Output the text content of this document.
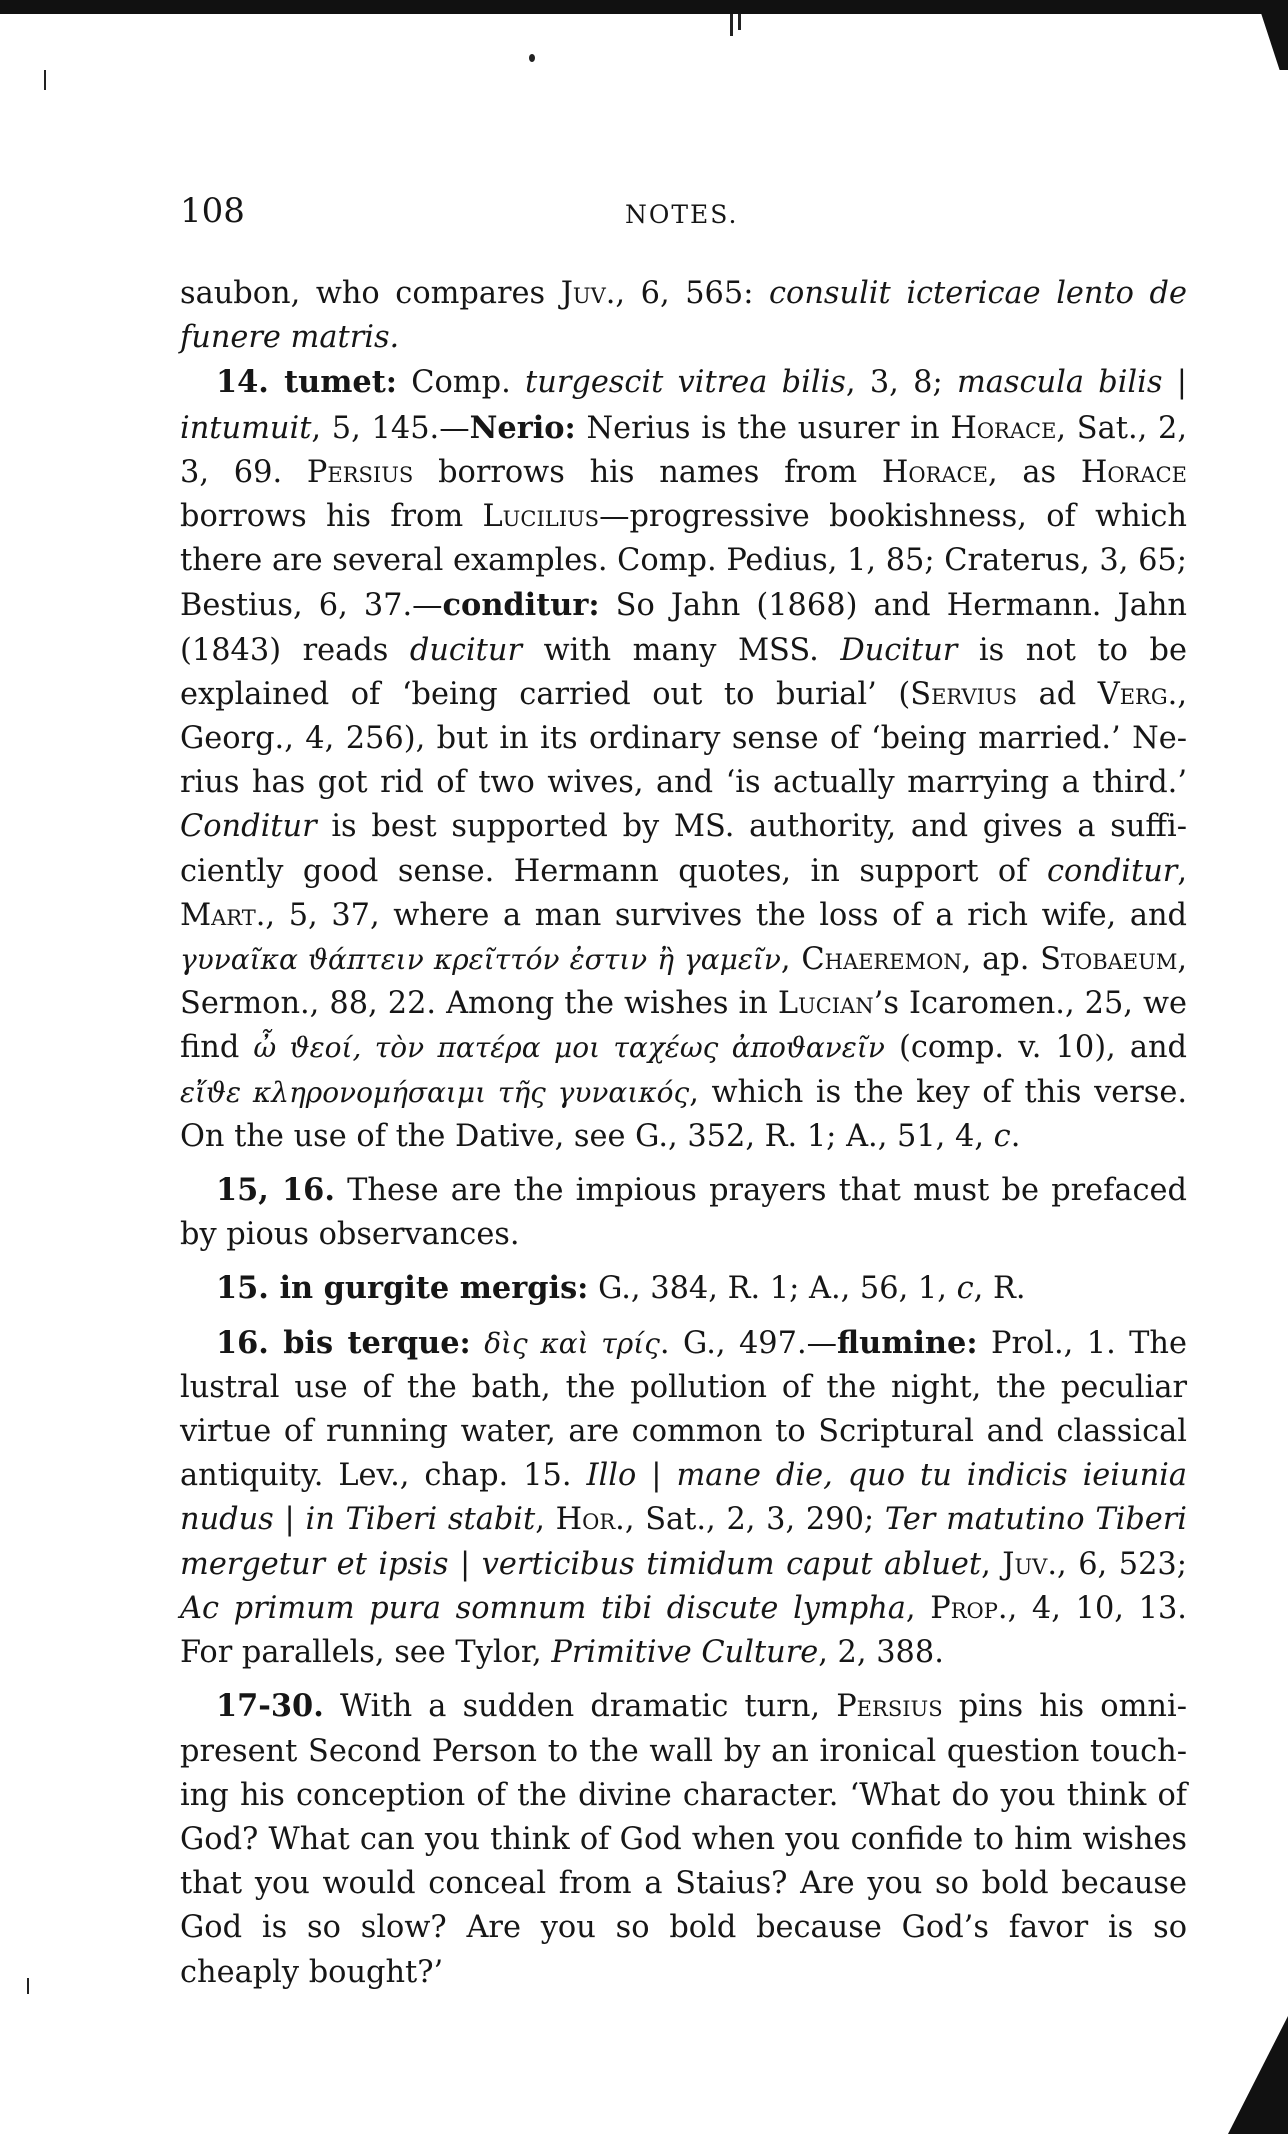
108	NOTES.

saubon, who compares Juv., 6, 565: consulit ictericae lento de funere matris.

14. tumet: Comp. turgescit vitrea bilis, 3, 8; mascula bilis | intumuit, 5, 145.—Nerio: Nerius is the usurer in Horace, Sat., 2, 3, 69. Persius borrows his names from Horace, as Horace borrows his from Lucilius—progressive bookishness, of which there are several examples. Comp. Pedius, 1, 85; Craterus, 3, 65; Bestius, 6, 37.—conditur: So Jahn (1868) and Hermann. Jahn (1843) reads ducitur with many MSS. Ducitur is not to be explained of ‘being carried out to burial’ (Servius ad Verg., Georg., 4, 256), but in its ordinary sense of ‘being married.’ Nerius has got rid of two wives, and ‘is actually marrying a third.’ Conditur is best supported by MS. authority, and gives a sufficiently good sense. Hermann quotes, in support of conditur, Mart., 5, 37, where a man survives the loss of a rich wife, and γυναῖκα ϑάπτειν κρεῖττόν ἐστιν ἢ γαμεῖν, Chaeremon, ap. Stobaeum, Sermon., 88, 22. Among the wishes in Lucian’s Icaromen., 25, we find ὦ ϑεοί, τὸν πατέρα μοι ταχέως ἀποϑανεῖν (comp. v. 10), and εἴϑε κληρονομήσαιμι τῆς γυναικός, which is the key of this verse. On the use of the Dative, see G., 352, R. 1; A., 51, 4, c.

15, 16. These are the impious prayers that must be prefaced by pious observances.

15. in gurgite mergis: G., 384, R. 1; A., 56, 1, c, R.

16. bis terque: δὶς καὶ τρίς. G., 497.—flumine: Prol., 1. The lustral use of the bath, the pollution of the night, the peculiar virtue of running water, are common to Scriptural and classical antiquity. Lev., chap. 15. Illo | mane die, quo tu indicis ieiunia nudus | in Tiberi stabit, Hor., Sat., 2, 3, 290; Ter matutino Tiberi mergetur et ipsis | verticibus timidum caput abluet, Juv., 6, 523; Ac primum pura somnum tibi discute lympha, Prop., 4, 10, 13. For parallels, see Tylor, Primitive Culture, 2, 388.

17-30. With a sudden dramatic turn, Persius pins his omnipresent Second Person to the wall by an ironical question touching his conception of the divine character. ‘What do you think of God? What can you think of God when you confide to him wishes that you would conceal from a Staius? Are you so bold because God is so slow? Are you so bold because God’s favor is so cheaply bought?’
